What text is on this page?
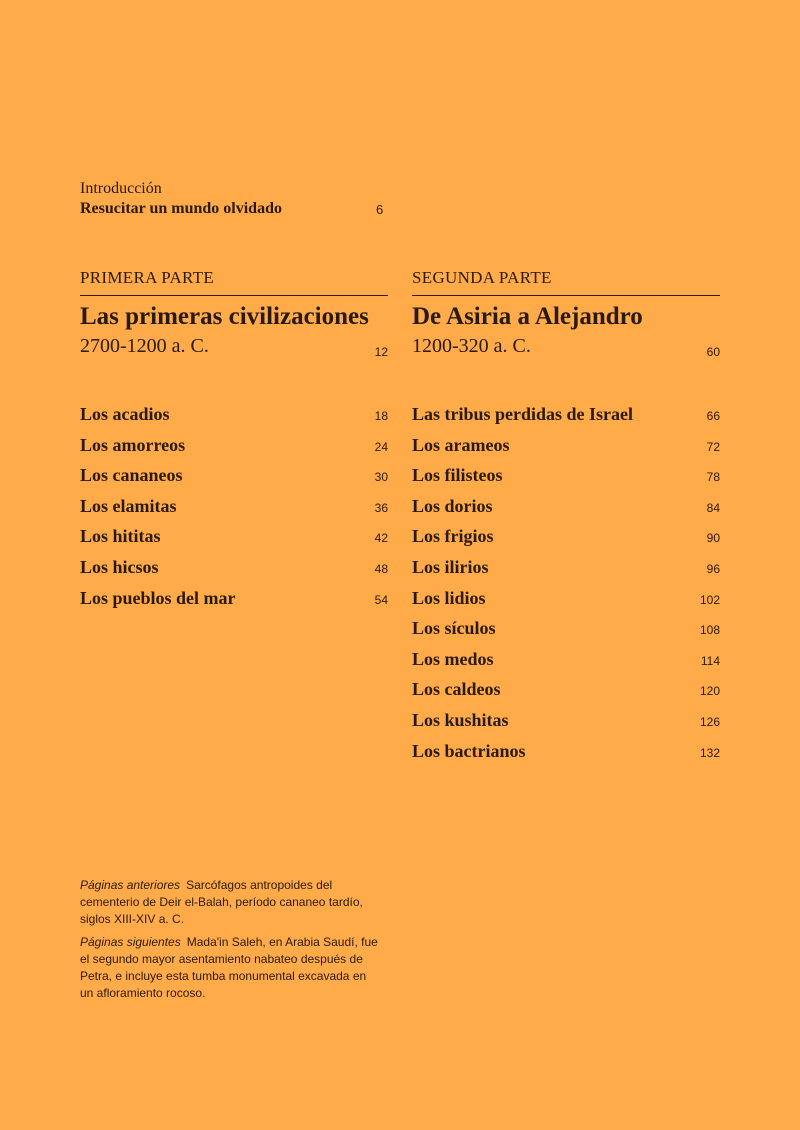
Introducción
Resucitar un mundo olvidado	6
PRIMERA PARTE
Las primeras civilizaciones
2700-1200 a. C.	12
SEGUNDA PARTE
De Asiria a Alejandro
1200-320 a. C.	60
Los acadios	18
Los amorreos	24
Los cananeos	30
Los elamitas	36
Los hititas	42
Los hicsos	48
Los pueblos del mar	54
Las tribus perdidas de Israel	66
Los arameos	72
Los filisteos	78
Los dorios	84
Los frigios	90
Los ilirios	96
Los lidios	102
Los sículos	108
Los medos	114
Los caldeos	120
Los kushitas	126
Los bactrianos	132

Páginas anteriores Sarcófagos antropoides del cementerio de Deir el-Balah, período cananeo tardío, siglos XIII-XIV a. C.

Páginas siguientes Mada'in Saleh, en Arabia Saudí, fue el segundo mayor asentamiento nabateo después de Petra, e incluye esta tumba monumental excavada en un afloramiento rocoso.
